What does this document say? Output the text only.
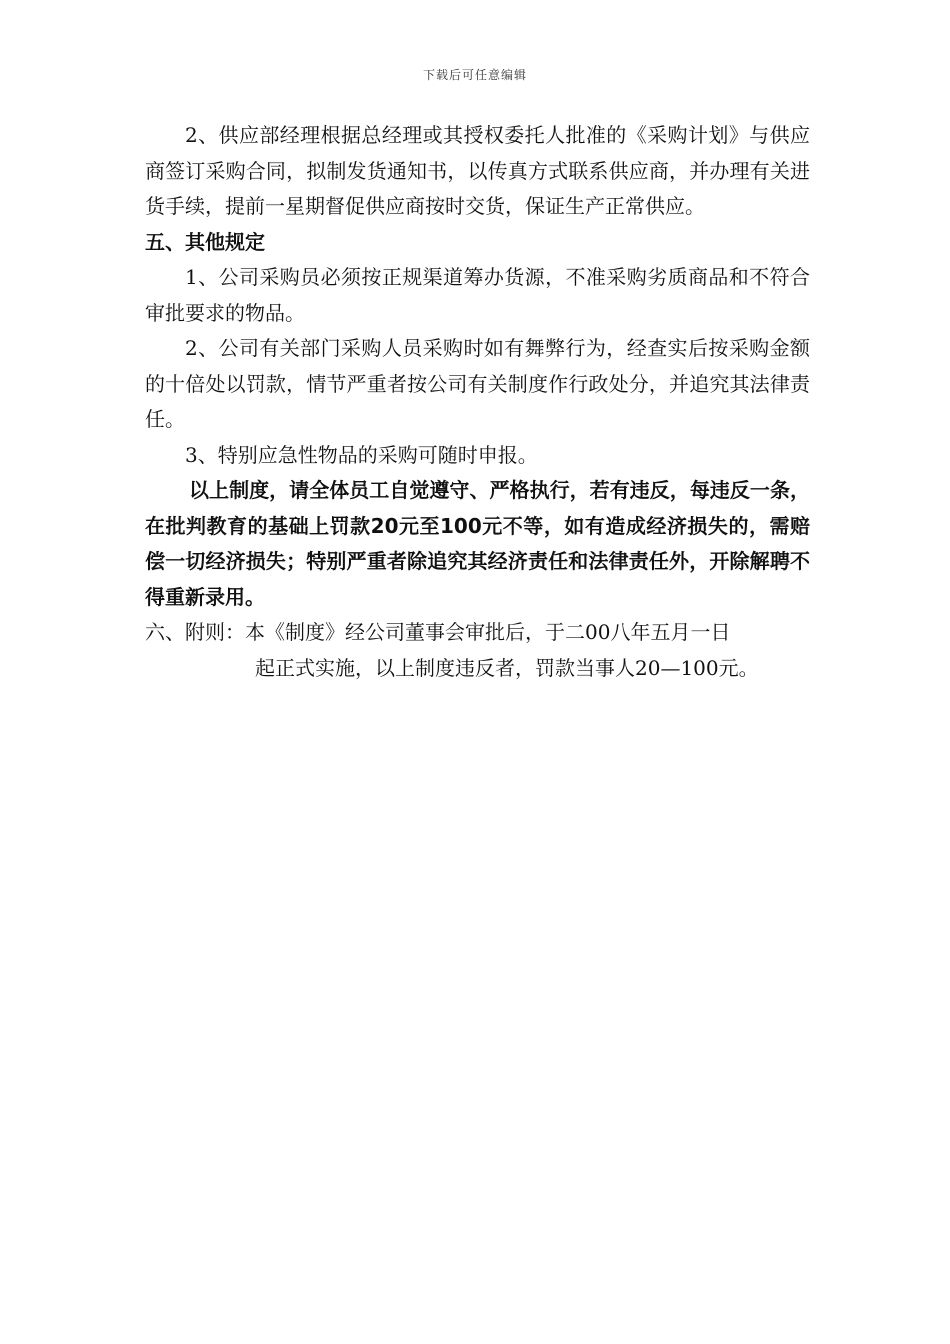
下载后可任意编辑

2、供应部经理根据总经理或其授权委托人批准的《采购计划》与供应商签订采购合同，拟制发货通知书，以传真方式联系供应商，并办理有关进货手续，提前一星期督促供应商按时交货，保证生产正常供应。

五、其他规定

1、公司采购员必须按正规渠道筹办货源，不准采购劣质商品和不符合审批要求的物品。

2、公司有关部门采购人员采购时如有舞弊行为，经查实后按采购金额的十倍处以罚款，情节严重者按公司有关制度作行政处分，并追究其法律责任。

3、特别应急性物品的采购可随时申报。

以上制度，请全体员工自觉遵守、严格执行，若有违反，每违反一条，在批判教育的基础上罚款20元至100元不等，如有造成经济损失的，需赔偿一切经济损失；特别严重者除追究其经济责任和法律责任外，开除解聘不得重新录用。

六、附则：本《制度》经公司董事会审批后，于二00八年五月一日

起正式实施，以上制度违反者，罚款当事人20—100元。
